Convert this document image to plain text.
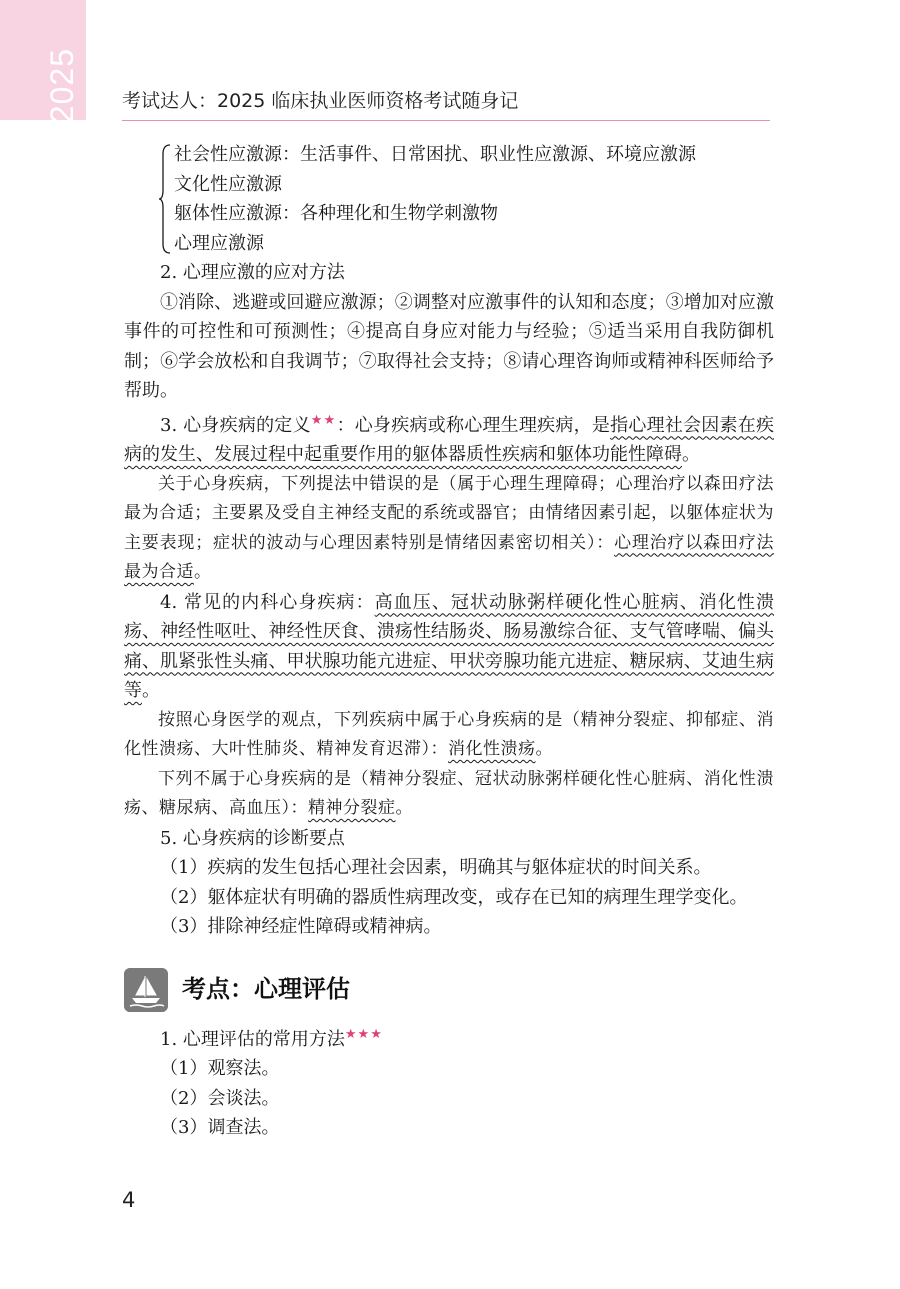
2025 考试达人：2025 临床执业医师资格考试随身记
社会性应激源：生活事件、日常困扰、职业性应激源、环境应激源
文化性应激源
躯体性应激源：各种理化和生物学刺激物
心理应激源

2. 心理应激的应对方法

①消除、逃避或回避应激源；②调整对应激事件的认知和态度；③增加对应激事件的可控性和可预测性；④提高自身应对能力与经验；⑤适当采用自我防御机制；⑥学会放松和自我调节；⑦取得社会支持；⑧请心理咨询师或精神科医师给予帮助。

3. 心身疾病的定义★★：心身疾病或称心理生理疾病，是指心理社会因素在疾病的发生、发展过程中起重要作用的躯体器质性疾病和躯体功能性障碍。

关于心身疾病，下列提法中错误的是（属于心理生理障碍；心理治疗以森田疗法最为合适；主要累及受自主神经支配的系统或器官；由情绪因素引起，以躯体症状为主要表现；症状的波动与心理因素特别是情绪因素密切相关）：心理治疗以森田疗法最为合适。

4. 常见的内科心身疾病：高血压、冠状动脉粥样硬化性心脏病、消化性溃疡、神经性呕吐、神经性厌食、溃疡性结肠炎、肠易激综合征、支气管哮喘、偏头痛、肌紧张性头痛、甲状腺功能亢进症、甲状旁腺功能亢进症、糖尿病、艾迪生病等。

按照心身医学的观点，下列疾病中属于心身疾病的是（精神分裂症、抑郁症、消化性溃疡、大叶性肺炎、精神发育迟滞）：消化性溃疡。

下列不属于心身疾病的是（精神分裂症、冠状动脉粥样硬化性心脏病、消化性溃疡、糖尿病、高血压）：精神分裂症。

5. 心身疾病的诊断要点

（1）疾病的发生包括心理社会因素，明确其与躯体症状的时间关系。

（2）躯体症状有明确的器质性病理改变，或存在已知的病理生理学变化。

（3）排除神经症性障碍或精神病。

考点：心理评估

1. 心理评估的常用方法★★★

（1）观察法。

（2）会谈法。

（3）调查法。

4
